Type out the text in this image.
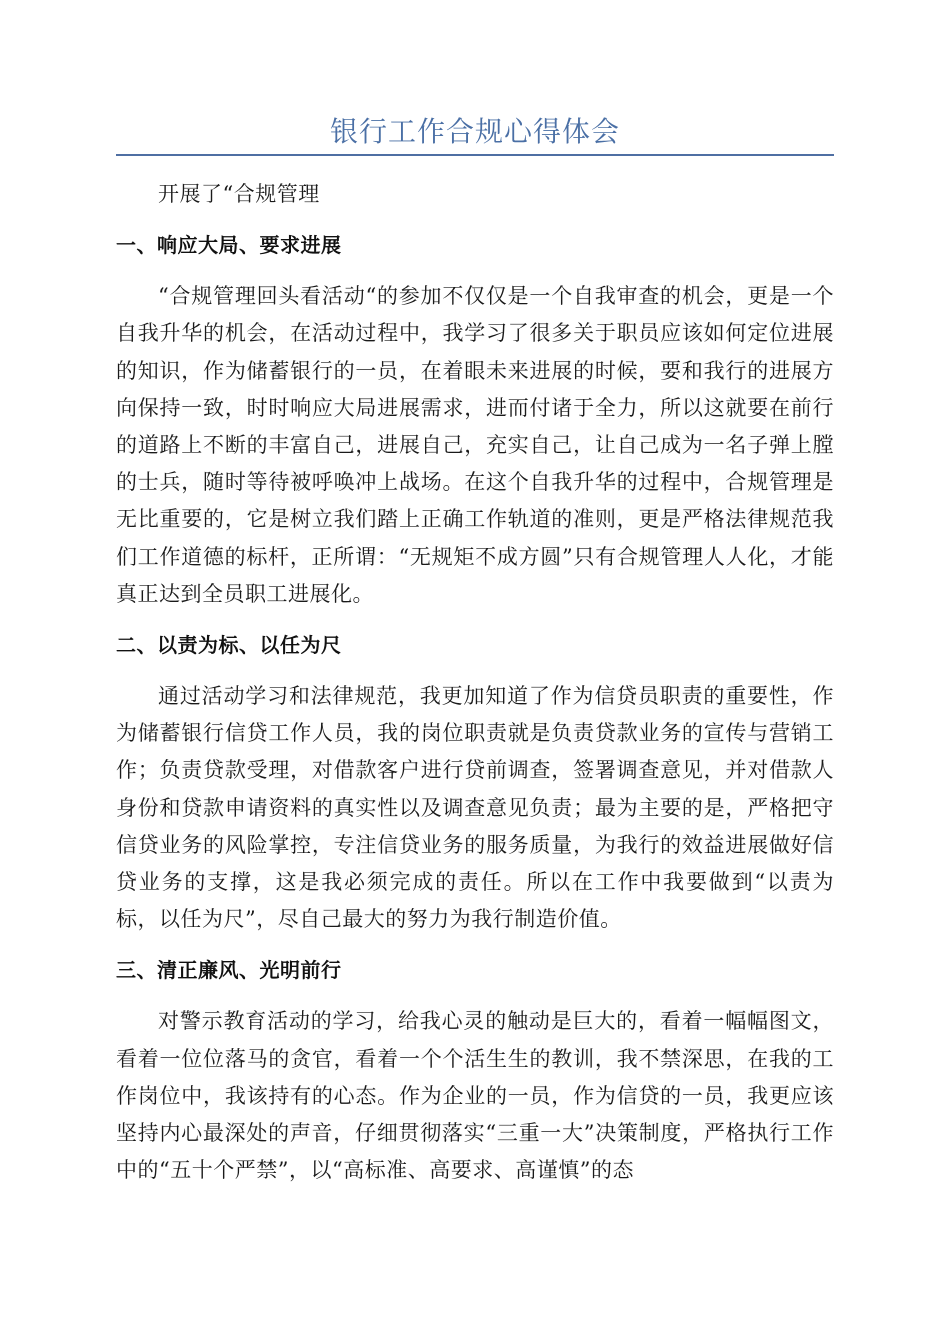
银行工作合规心得体会

开展了“合规管理

一、响应大局、要求进展

“合规管理回头看活动“的参加不仅仅是一个自我审查的机会，更是一个自我升华的机会，在活动过程中，我学习了很多关于职员应该如何定位进展的知识，作为储蓄银行的一员，在着眼未来进展的时候，要和我行的进展方向保持一致，时时响应大局进展需求，进而付诸于全力，所以这就要在前行的道路上不断的丰富自己，进展自己，充实自己，让自己成为一名子弹上膛的士兵，随时等待被呼唤冲上战场。在这个自我升华的过程中，合规管理是无比重要的，它是树立我们踏上正确工作轨道的准则，更是严格法律规范我们工作道德的标杆，正所谓：“无规矩不成方圆”只有合规管理人人化，才能真正达到全员职工进展化。

二、以责为标、以任为尺

通过活动学习和法律规范，我更加知道了作为信贷员职责的重要性，作为储蓄银行信贷工作人员，我的岗位职责就是负责贷款业务的宣传与营销工作；负责贷款受理，对借款客户进行贷前调查，签署调查意见，并对借款人身份和贷款申请资料的真实性以及调查意见负责；最为主要的是，严格把守信贷业务的风险掌控，专注信贷业务的服务质量，为我行的效益进展做好信贷业务的支撑，这是我必须完成的责任。所以在工作中我要做到“以责为标，以任为尺”，尽自己最大的努力为我行制造价值。

三、清正廉风、光明前行

对警示教育活动的学习，给我心灵的触动是巨大的，看着一幅幅图文，看着一位位落马的贪官，看着一个个活生生的教训，我不禁深思，在我的工作岗位中，我该持有的心态。作为企业的一员，作为信贷的一员，我更应该坚持内心最深处的声音，仔细贯彻落实“三重一大”决策制度，严格执行工作中的“五十个严禁”，以“高标准、高要求、高谨慎”的态
